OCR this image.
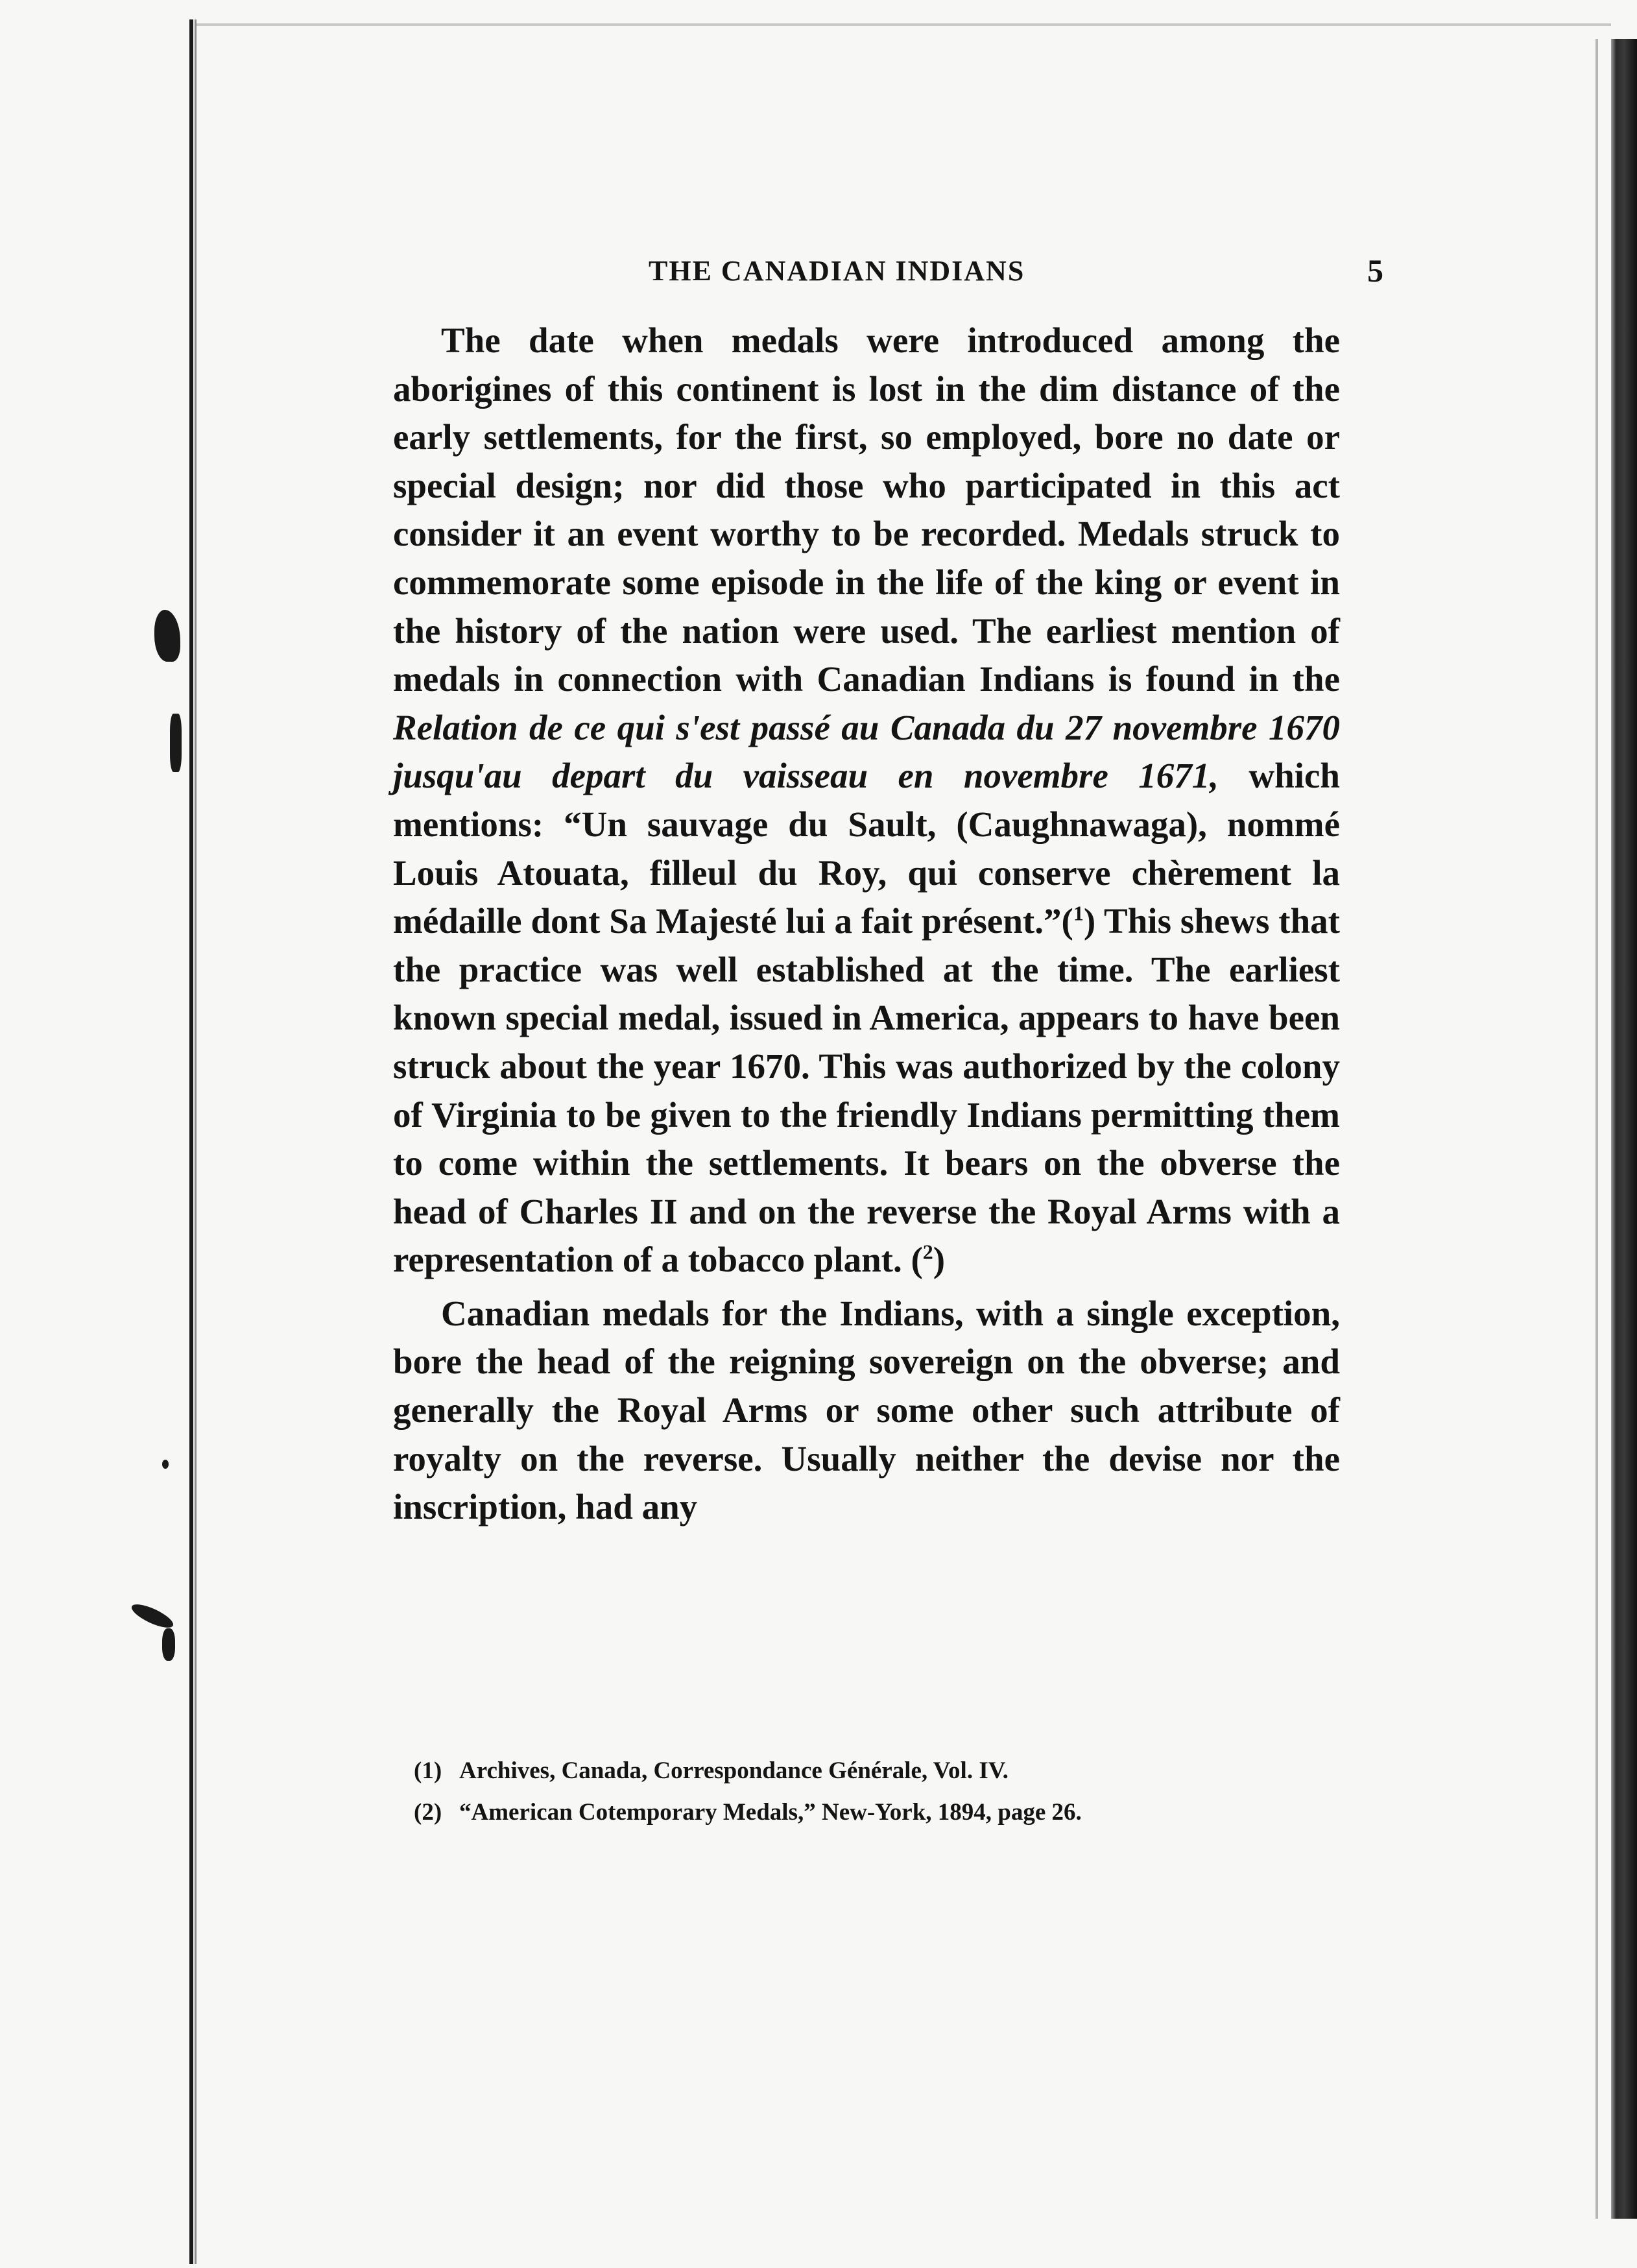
THE CANADIAN INDIANS	5

The date when medals were introduced among the aborigines of this continent is lost in the dim distance of the early settlements, for the first, so employed, bore no date or special design; nor did those who participated in this act consider it an event worthy to be recorded. Medals struck to commemorate some episode in the life of the king or event in the history of the nation were used. The earliest mention of medals in connection with Canadian Indians is found in the Relation de ce qui s'est passé au Canada du 27 novembre 1670 jusqu'au depart du vaisseau en novembre 1671, which mentions: “Un sauvage du Sault, (Caughnawaga), nommé Louis Atouata, filleul du Roy, qui conserve chèrement la médaille dont Sa Majesté lui a fait présent.”($^1$) This shews that the practice was well established at the time. The earliest known special medal, issued in America, appears to have been struck about the year 1670. This was authorized by the colony of Virginia to be given to the friendly Indians permitting them to come within the settlements. It bears on the obverse the head of Charles II and on the reverse the Royal Arms with a representation of a tobacco plant. ($^2$)

Canadian medals for the Indians, with a single exception, bore the head of the reigning sovereign on the obverse; and generally the Royal Arms or some other such attribute of royalty on the reverse. Usually neither the devise nor the inscription, had any

(1) Archives, Canada, Correspondance Générale, Vol. IV.

(2) “American Cotemporary Medals,” New-York, 1894, page 26.
